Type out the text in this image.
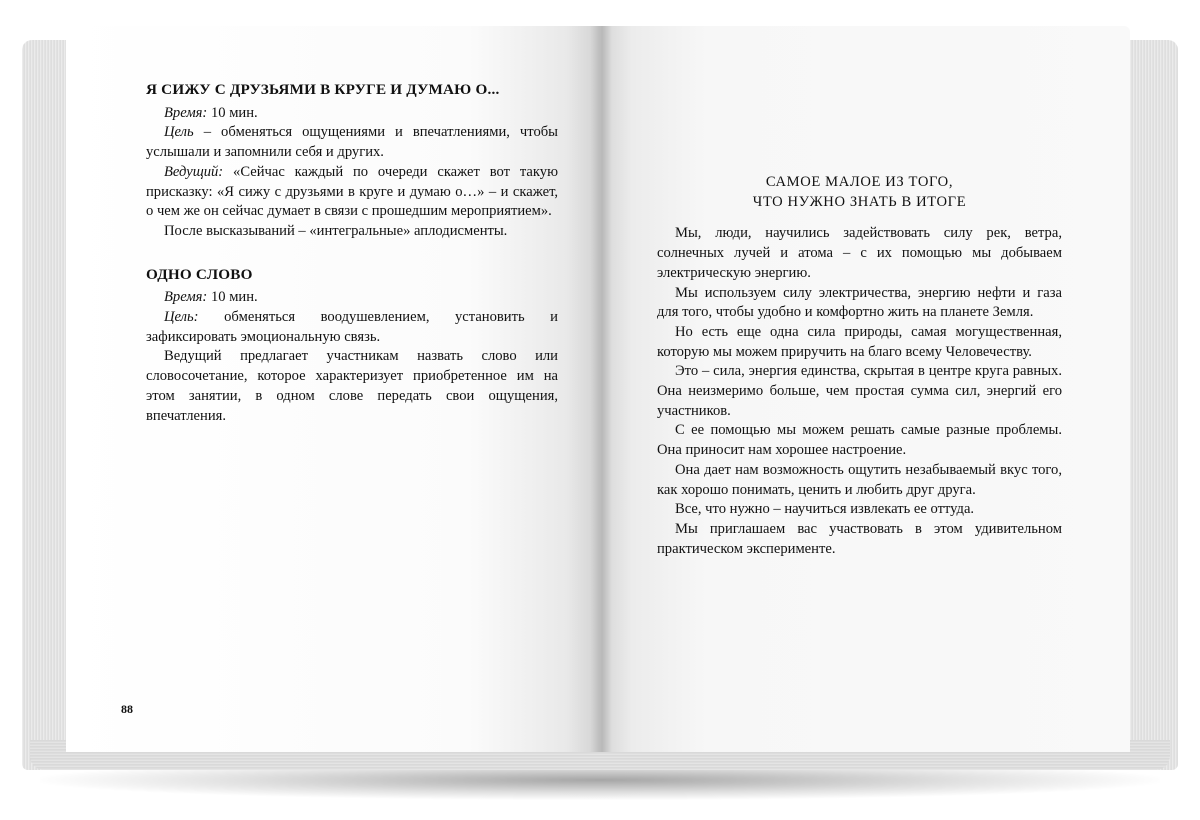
Я СИЖУ С ДРУЗЬЯМИ В КРУГЕ И ДУМАЮ О...

Время: 10 мин.

Цель – обменяться ощущениями и впечатлениями, чтобы услышали и запомнили себя и других.

Ведущий: «Сейчас каждый по очереди скажет вот такую присказку: «Я сижу с друзьями в круге и думаю о…» – и скажет, о чем же он сейчас думает в связи с прошедшим мероприятием».

После высказываний – «интегральные» аплодисменты.

ОДНО СЛОВО

Время: 10 мин.

Цель: обменяться воодушевлением, установить и зафиксировать эмоциональную связь.

Ведущий предлагает участникам назвать слово или словосочетание, которое характеризует приобретенное им на этом занятии, в одном слове передать свои ощущения, впечатления.

88

САМОЕ МАЛОЕ ИЗ ТОГО,
ЧТО НУЖНО ЗНАТЬ В ИТОГЕ

Мы, люди, научились задействовать силу рек, ветра, солнечных лучей и атома – с их помощью мы добываем электрическую энергию.

Мы используем силу электричества, энергию нефти и газа для того, чтобы удобно и комфортно жить на планете Земля.

Но есть еще одна сила природы, самая могущественная, которую мы можем приручить на благо всему Человечеству.

Это – сила, энергия единства, скрытая в центре круга равных. Она неизмеримо больше, чем простая сумма сил, энергий его участников.

С ее помощью мы можем решать самые разные проблемы. Она приносит нам хорошее настроение.

Она дает нам возможность ощутить незабываемый вкус того, как хорошо понимать, ценить и любить друг друга.

Все, что нужно – научиться извлекать ее оттуда.

Мы приглашаем вас участвовать в этом удивительном практическом эксперименте.
